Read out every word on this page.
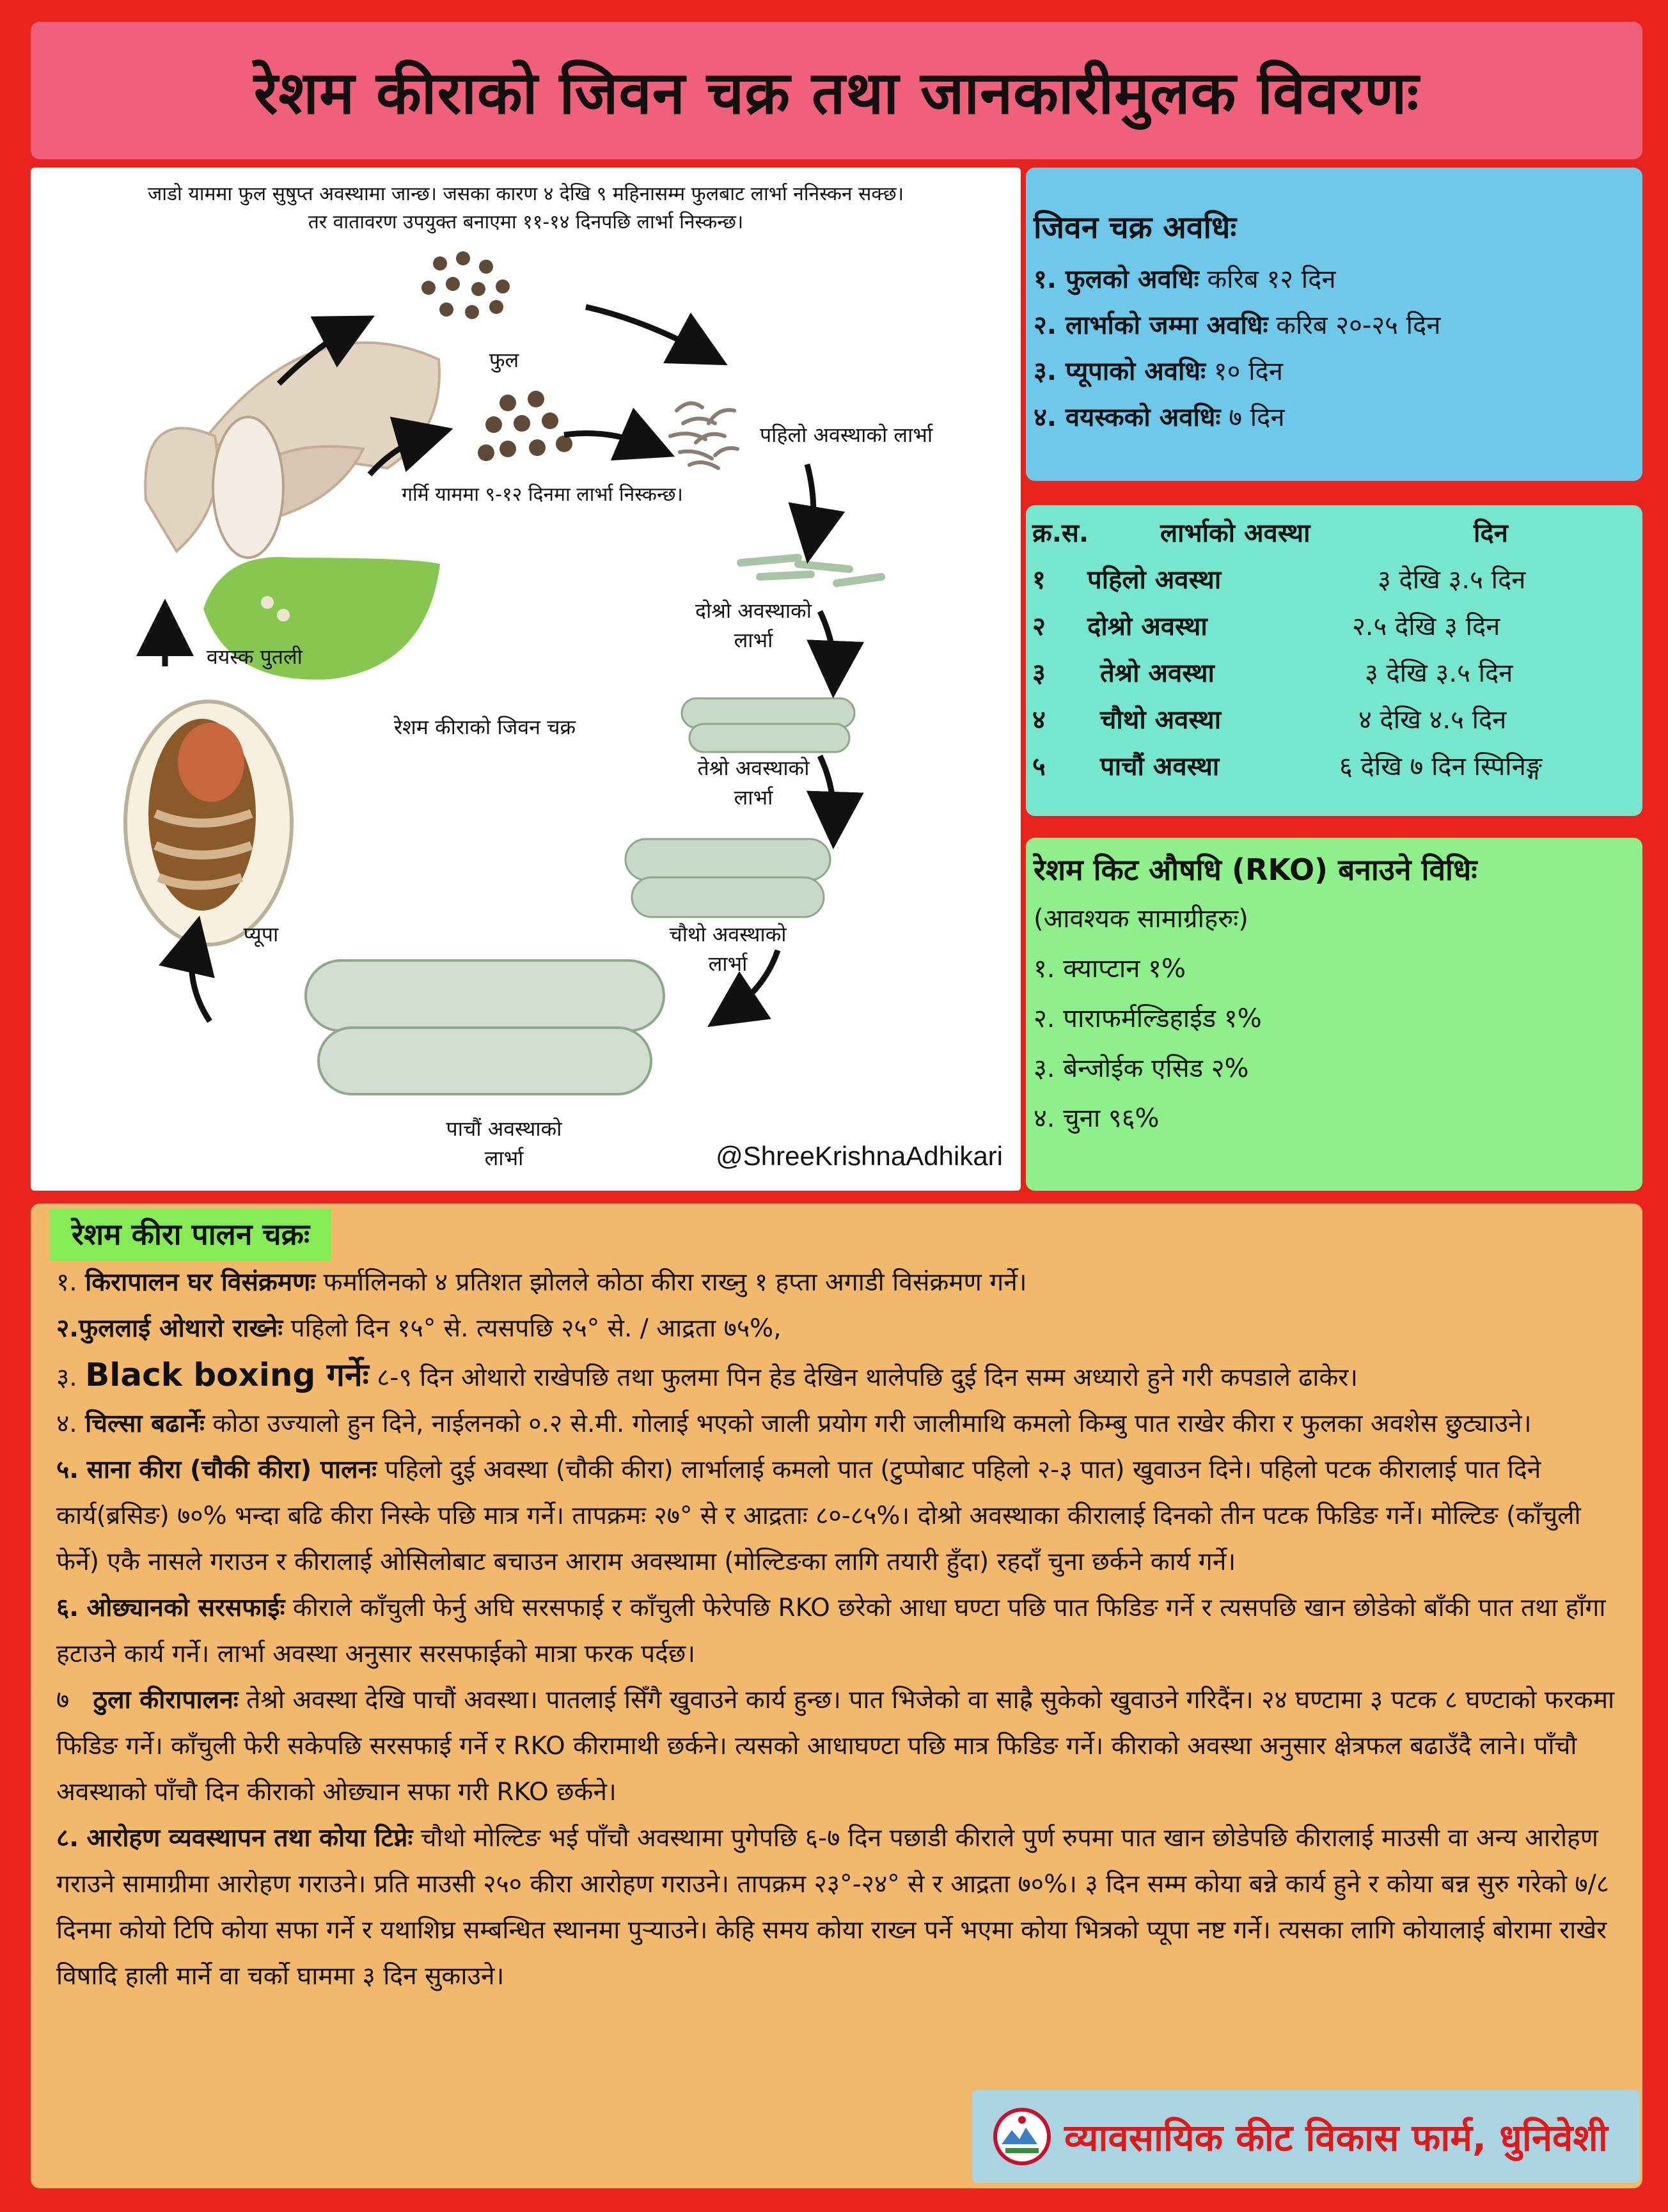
रेशम कीराको जिवन चक्र तथा जानकारीमुलक विवरणः
जाडो याममा फुल सुषुप्त अवस्थामा जान्छ। जसका कारण ४ देखि ९ महिनासम्म फुलबाट लार्भा ननिस्कन सक्छ।
तर वातावरण उपयुक्त बनाएमा ११-१४ दिनपछि लार्भा निस्कन्छ।
फुल
गर्मि याममा ९-१२ दिनमा लार्भा निस्कन्छ।
पहिलो अवस्थाको लार्भा
दोश्रो अवस्थाको
लार्भा
तेश्रो अवस्थाको
लार्भा
चौथो अवस्थाको
लार्भा
पाचौं अवस्थाको
लार्भा
वयस्क पुतली
प्यूपा
रेशम कीराको जिवन चक्र
@ShreeKrishnaAdhikari
जिवन चक्र अवधिः
१. फुलको अवधिः करिब १२ दिन
२. लार्भाको जम्मा अवधिः करिब २०-२५ दिन
३. प्यूपाको अवधिः १० दिन
४. वयस्कको अवधिः ७ दिन
क्र.स.	लार्भाको अवस्था	दिन
१ पहिलो अवस्था	३ देखि ३.५ दिन
२ दोश्रो अवस्था	२.५ देखि ३ दिन
३ तेश्रो अवस्था	३ देखि ३.५ दिन
४ चौथो अवस्था	४ देखि ४.५ दिन
५ पाचौं अवस्था	६ देखि ७ दिन स्पिनिङ्ग
रेशम किट औषधि (RKO) बनाउने विधिः
(आवश्यक सामाग्रीहरुः)
१. क्याप्टान १%
२. पाराफर्मल्डिहाईड १%
३. बेन्जोईक एसिड २%
४. चुना ९६%
रेशम कीरा पालन चक्रः
१. किरापालन घर विसंक्रमणः फर्मालिनको ४ प्रतिशत झोलले कोठा कीरा राख्नु १ हप्ता अगाडी विसंक्रमण गर्ने।
२.फुललाई ओथारो राख्नेः पहिलो दिन १५° से. त्यसपछि २५° से. / आद्रता ७५%,
३. Black boxing गर्नेः ८-९ दिन ओथारो राखेपछि तथा फुलमा पिन हेड देखिन थालेपछि दुई दिन सम्म अध्यारो हुने गरी कपडाले ढाकेर।
४. चिल्सा बढार्नेः कोठा उज्यालो हुन दिने, नाईलनको ०.२ से.मी. गोलाई भएको जाली प्रयोग गरी जालीमाथि कमलो किम्बु पात राखेर कीरा र फुलका अवशेस छुट्याउने।
५. साना कीरा (चौकी कीरा) पालनः पहिलो दुई अवस्था (चौकी कीरा) लार्भालाई कमलो पात (टुप्पोबाट पहिलो २-३ पात) खुवाउन दिने। पहिलो पटक कीरालाई पात दिने कार्य(ब्रसिङ) ७०% भन्दा बढि कीरा निस्के पछि मात्र गर्ने। तापक्रमः २७° से र आद्रताः ८०-८५%। दोश्रो अवस्थाका कीरालाई दिनको तीन पटक फिडिङ गर्ने। मोल्टिङ (काँचुली फेर्ने) एकै नासले गराउन र कीरालाई ओसिलोबाट बचाउन आराम अवस्थामा (मोल्टिङका लागि तयारी हुँदा) रहदाँ चुना छर्कने कार्य गर्ने।
६. ओछ्यानको सरसफाईः कीराले काँचुली फेर्नु अघि सरसफाई र काँचुली फेरेपछि RKO छरेको आधा घण्टा पछि पात फिडिङ गर्ने र त्यसपछि खान छोडेको बाँकी पात तथा हाँगा हटाउने कार्य गर्ने। लार्भा अवस्था अनुसार सरसफाईको मात्रा फरक पर्दछ।
७ ठुला कीरापालनः तेश्रो अवस्था देखि पाचौं अवस्था। पातलाई सिँगै खुवाउने कार्य हुन्छ। पात भिजेको वा साह्रै सुकेको खुवाउने गरिदैंन। २४ घण्टामा ३ पटक ८ घण्टाको फरकमा फिडिङ गर्ने। काँचुली फेरी सकेपछि सरसफाई गर्ने र RKO कीरामाथी छर्कने। त्यसको आधाघण्टा पछि मात्र फिडिङ गर्ने। कीराको अवस्था अनुसार क्षेत्रफल बढाउँदै लाने। पाँचौ अवस्थाको पाँचौ दिन कीराको ओछ्यान सफा गरी RKO छर्कने।
८. आरोहण व्यवस्थापन तथा कोया टिप्नेः चौथो मोल्टिङ भई पाँचौ अवस्थामा पुगेपछि ६-७ दिन पछाडी कीराले पुर्ण रुपमा पात खान छोडेपछि कीरालाई माउसी वा अन्य आरोहण गराउने सामाग्रीमा आरोहण गराउने। प्रति माउसी २५० कीरा आरोहण गराउने। तापक्रम २३°-२४° से र आद्रता ७०%। ३ दिन सम्म कोया बन्ने कार्य हुने र कोया बन्न सुरु गरेको ७/८ दिनमा कोयो टिपि कोया सफा गर्ने र यथाशिघ्र सम्बन्धित स्थानमा पुर्‍याउने। केहि समय कोया राख्न पर्ने भएमा कोया भित्रको प्यूपा नष्ट गर्ने। त्यसका लागि कोयालाई बोरामा राखेर विषादि हाली मार्ने वा चर्को घाममा ३ दिन सुकाउने।
व्यावसायिक कीट विकास फार्म, धुनिवेशी
